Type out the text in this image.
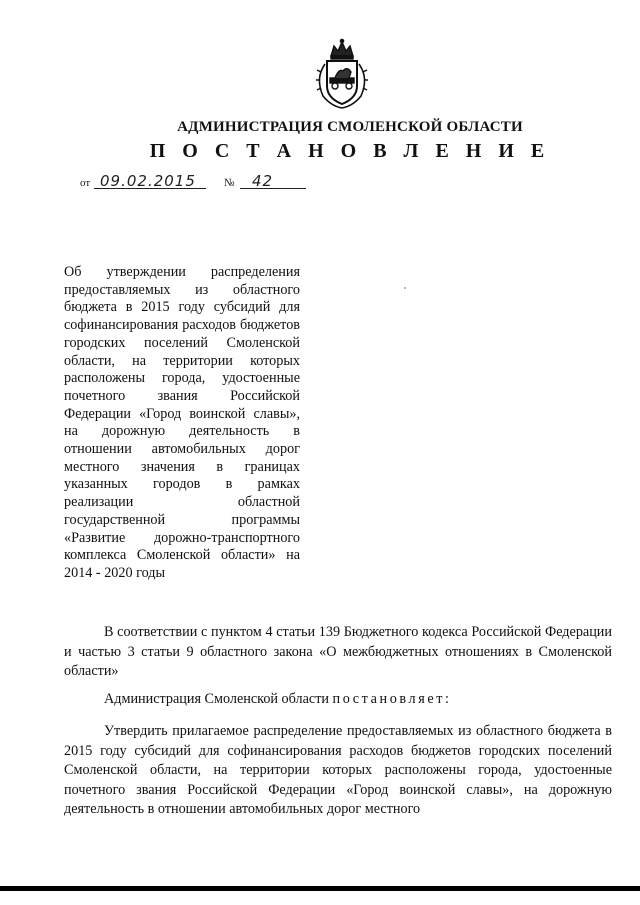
АДМИНИСТРАЦИЯ СМОЛЕНСКОЙ ОБЛАСТИ
П О С Т А Н О В Л Е Н И Е
от 09.02.2015	№ 42
Об утверждении распределения предоставляемых из областного бюджета в 2015 году субсидий для софинансирования расходов бюджетов городских поселений Смоленской области, на территории которых расположены города, удостоенные почетного звания Российской Федерации «Город воинской славы», на дорожную деятельность в отношении автомобильных дорог местного значения в границах указанных городов в рамках реализации областной государственной программы «Развитие дорожно-транспортного комплекса Смоленской области» на 2014 - 2020 годы
В соответствии с пунктом 4 статьи 139 Бюджетного кодекса Российской Федерации и частью 3 статьи 9 областного закона «О межбюджетных отношениях в Смоленской области»
Администрация Смоленской области постановляет:
Утвердить прилагаемое распределение предоставляемых из областного бюджета в 2015 году субсидий для софинансирования расходов бюджетов городских поселений Смоленской области, на территории которых расположены города, удостоенные почетного звания Российской Федерации «Город воинской славы», на дорожную деятельность в отношении автомобильных дорог местного
